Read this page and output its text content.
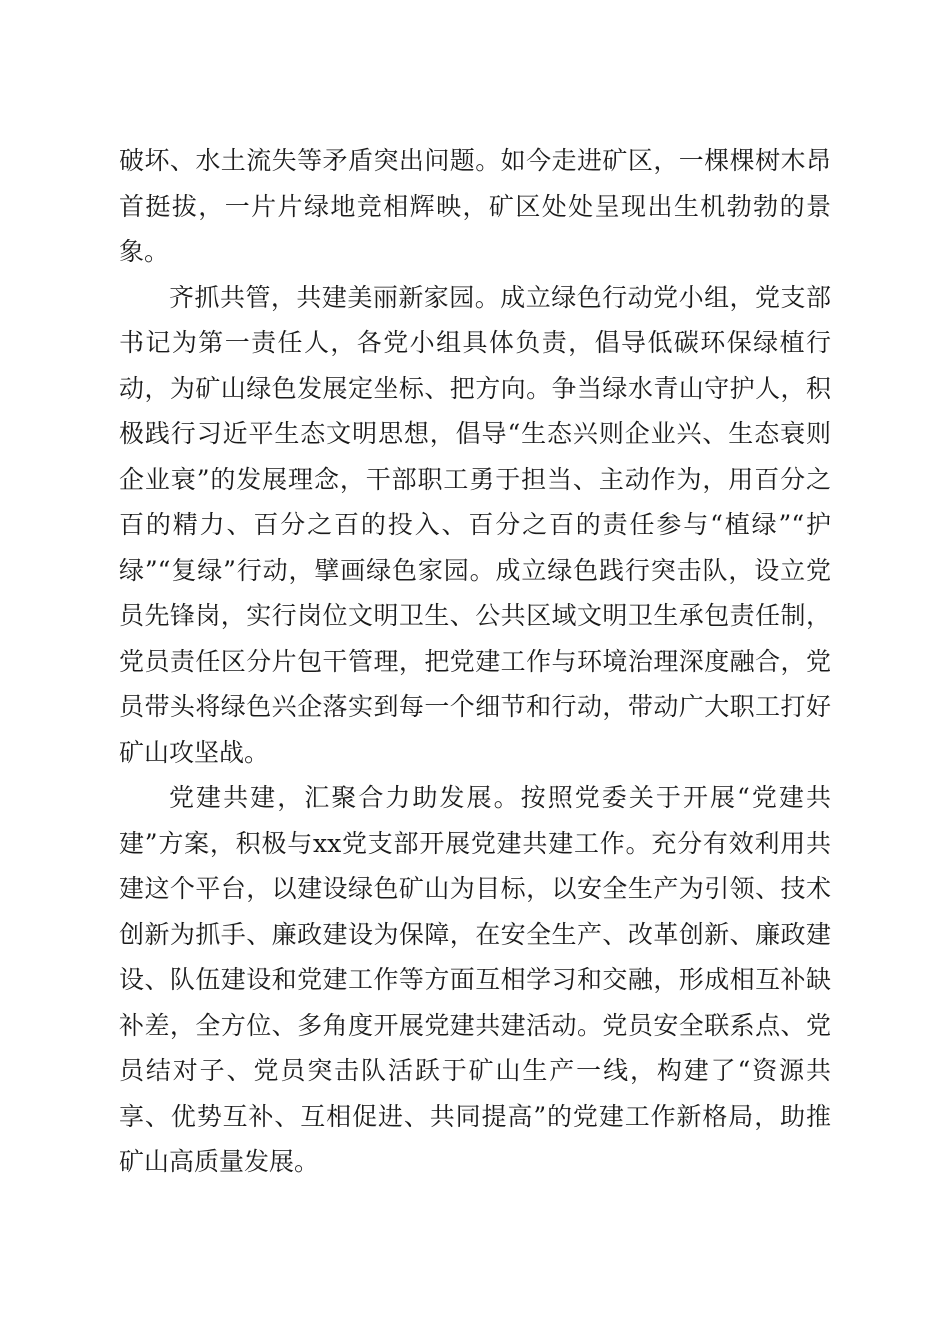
破坏、水土流失等矛盾突出问题。如今走进矿区，一棵棵树木昂首挺拔，一片片绿地竞相辉映，矿区处处呈现出生机勃勃的景象。

齐抓共管，共建美丽新家园。成立绿色行动党小组，党支部书记为第一责任人，各党小组具体负责，倡导低碳环保绿植行动，为矿山绿色发展定坐标、把方向。争当绿水青山守护人，积极践行习近平生态文明思想，倡导“生态兴则企业兴、生态衰则企业衰”的发展理念，干部职工勇于担当、主动作为，用百分之百的精力、百分之百的投入、百分之百的责任参与“植绿”“护绿”“复绿”行动，擘画绿色家园。成立绿色践行突击队，设立党员先锋岗，实行岗位文明卫生、公共区域文明卫生承包责任制，党员责任区分片包干管理，把党建工作与环境治理深度融合，党员带头将绿色兴企落实到每一个细节和行动，带动广大职工打好矿山攻坚战。

党建共建，汇聚合力助发展。按照党委关于开展“党建共建”方案，积极与xx党支部开展党建共建工作。充分有效利用共建这个平台，以建设绿色矿山为目标，以安全生产为引领、技术创新为抓手、廉政建设为保障，在安全生产、改革创新、廉政建设、队伍建设和党建工作等方面互相学习和交融，形成相互补缺补差，全方位、多角度开展党建共建活动。党员安全联系点、党员结对子、党员突击队活跃于矿山生产一线，构建了“资源共享、优势互补、互相促进、共同提高”的党建工作新格局，助推矿山高质量发展。
